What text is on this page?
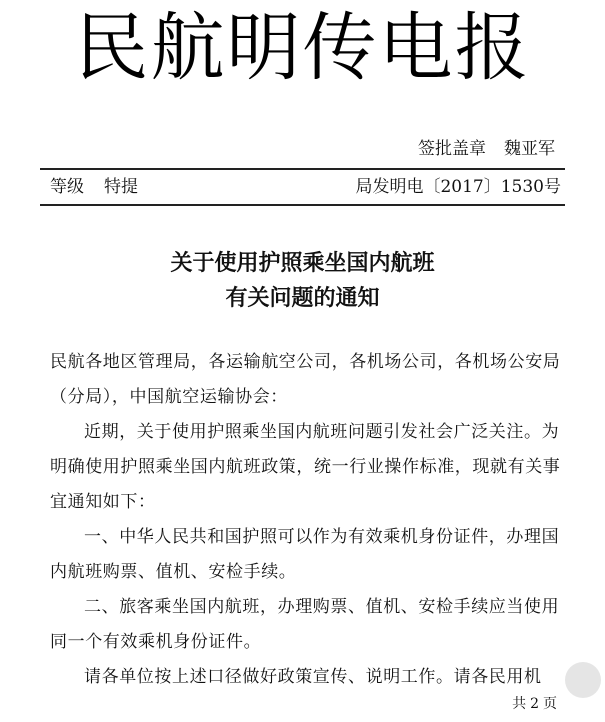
民航明传电报
签批盖章 魏亚军
等级 特提	局发明电〔2017〕1530号
关于使用护照乘坐国内航班
有关问题的通知

民航各地区管理局，各运输航空公司，各机场公司，各机场公安局（分局），中国航空运输协会：

近期，关于使用护照乘坐国内航班问题引发社会广泛关注。为明确使用护照乘坐国内航班政策，统一行业操作标准，现就有关事宜通知如下：

一、中华人民共和国护照可以作为有效乘机身份证件，办理国内航班购票、值机、安检手续。

二、旅客乘坐国内航班，办理购票、值机、安检手续应当使用同一个有效乘机身份证件。

请各单位按上述口径做好政策宣传、说明工作。请各民用机

共 2 页
